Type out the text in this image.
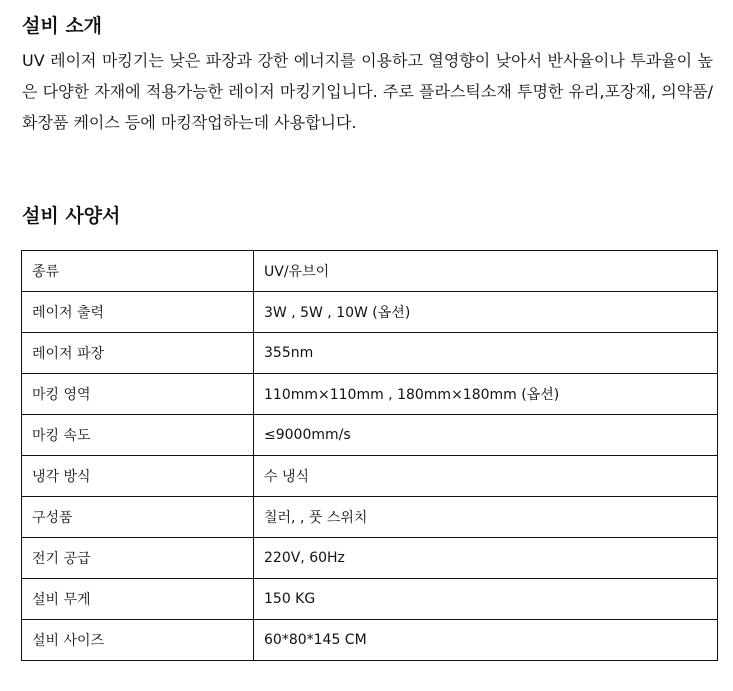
설비 소개

UV 레이저 마킹기는 낮은 파장과 강한 에너지를 이용하고 열영향이 낮아서 반사율이나 투과율이 높은 다양한 자재에 적용가능한 레이저 마킹기입니다. 주로 플라스틱소재 투명한 유리,포장재, 의약품/화장품 케이스 등에 마킹작업하는데 사용합니다.

설비 사양서
종류	UV/유브이
레이저 출력	3W , 5W , 10W (옵션)
레이저 파장	355nm
마킹 영역	110mm×110mm , 180mm×180mm (옵션)
마킹 속도	≤9000mm/s
냉각 방식	수 냉식
구성품	칠러, , 풋 스위치
전기 공급	220V, 60Hz
설비 무게	150 KG
설비 사이즈	60*80*145 CM
